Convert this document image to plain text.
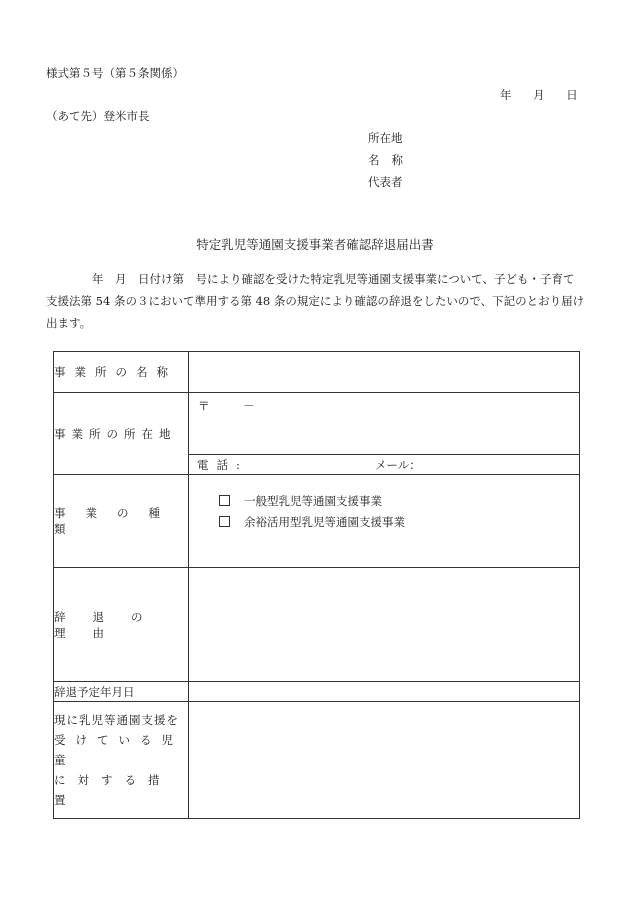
様式第５号（第５条関係）
年 月 日
（あて先）登米市長
所在地
名称
代表者
特定乳児等通園支援事業者確認辞退届出書
年　月　日付け第　号により確認を受けた特定乳児等通園支援事業について、子ども・子育て支援法第 54 条の３において準用する第 48 条の規定により確認の辞退をしたいので、下記のとおり届け出ます。
事業所の名称	
事業所の所在地	〒 －
	電話: メール：

事業の種類	一般型乳児等通園支援事業
余裕活用型乳児等通園支援事業

辞退の理由	
辞退予定年月日	

現に乳児等通園支援を
受けている児童
に対する措置	
